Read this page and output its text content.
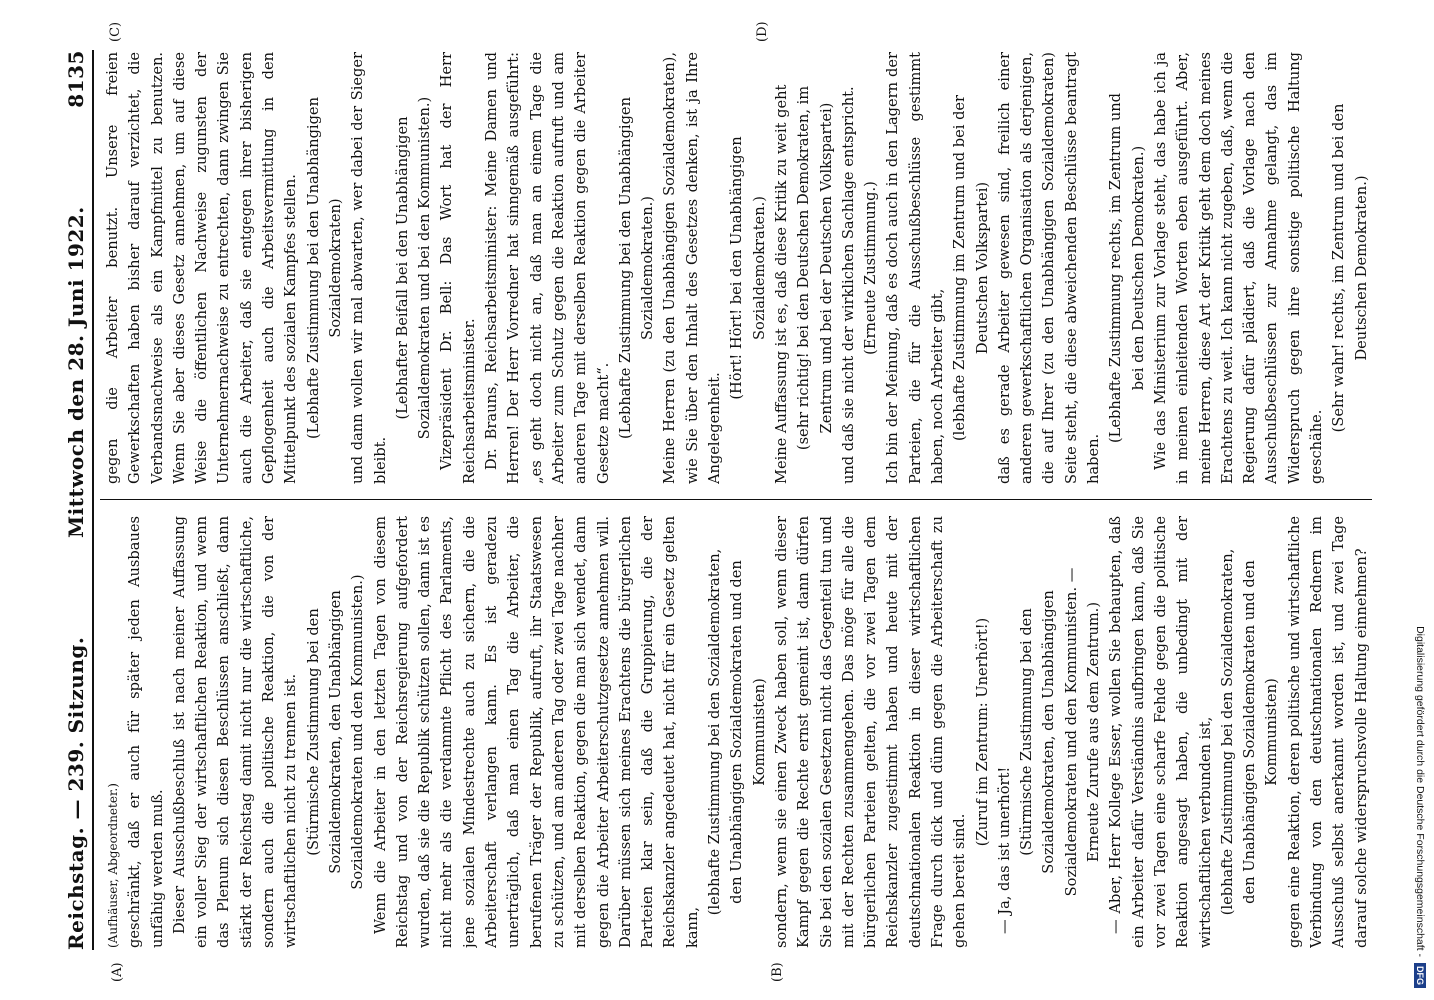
Reichstag. — 239. Sitzung.
Mittwoch den 28. Juni 1922.
8135
(A)	(B)
(C)	(D)

(Aufhäuser, Abgeordneter.) geschränkt, daß er auch für später jeden Ausbaues unfähig werden muß. Dieser Ausschußbeschluß ist nach meiner Auffassung ein voller Sieg der wirtschaftlichen Reaktion, und wenn das Plenum sich diesen Beschlüssen anschließt, dann stärkt der Reichstag damit nicht nur die wirtschaftliche, sondern auch die politische Reaktion, die von der wirtschaftlichen nicht zu trennen ist. (Stürmische Zustimmung bei den Sozialdemokraten, den Unabhängigen Sozialdemokraten und den Kommunisten.) Wenn die Arbeiter in den letzten Tagen von diesem Reichstag und von der Reichsregierung aufgefordert wurden, daß sie die Republik schützen sollen, dann ist es nicht mehr als die verdammte Pflicht des Parlaments, jene sozialen Mindestrechte auch zu sichern, die die Arbeiterschaft verlangen kann. Es ist geradezu unerträglich, daß man einen Tag die Arbeiter, die berufenen Träger der Republik, aufruft, ihr Staatswesen zu schützen, und am anderen Tag oder zwei Tage nachher mit derselben Reaktion, gegen die man sich wendet, dann gegen die Arbeiter Arbeiterschutzgesetze annehmen will. Darüber müssen sich meines Erachtens die bürgerlichen Parteien klar sein, daß die Gruppierung, die der Reichskanzler angedeutet hat, nicht für ein Gesetz gelten kann,

(lebhafte Zustimmung bei den Sozialdemokraten, den Unabhängigen Sozialdemokraten und den Kommunisten) sondern, wenn sie einen Zweck haben soll, wenn dieser Kampf gegen die Rechte ernst gemeint ist, dann dürfen Sie bei den sozialen Gesetzen nicht das Gegenteil tun und mit der Rechten zusammengehen. Das möge für alle die bürgerlichen Parteien gelten, die vor zwei Tagen dem Reichskanzler zugestimmt haben und heute mit der deutschnationalen Reaktion in dieser wirtschaftlichen Frage durch dick und dünn gegen die Arbeiterschaft zu gehen bereit sind.

(Zuruf im Zentrum: Unerhört!)

— Ja, das ist unerhört! (Stürmische Zustimmung bei den Sozialdemokraten, den Unabhängigen Sozialdemokraten und den Kommunisten. — Erneute Zurufe aus dem Zentrum.) — Aber, Herr Kollege Esser, wollen Sie behaupten, daß ein Arbeiter dafür Verständnis aufbringen kann, daß Sie vor zwei Tagen eine scharfe Fehde gegen die politische Reaktion angesagt haben, die unbedingt mit der wirtschaftlichen verbunden ist, (lebhafte Zustimmung bei den Sozialdemokraten, den Unabhängigen Sozialdemokraten und den Kommunisten) gegen eine Reaktion, deren politische und wirtschaftliche Verbindung von den deutschnationalen Rednern im Ausschuß selbst anerkannt worden ist, und zwei Tage darauf solche widerspruchsvolle Haltung einnehmen?

gegen die Arbeiter benutzt. Unsere freien Gewerkschaften haben bisher darauf verzichtet, die Verbandsnachweise als ein Kampfmittel zu benutzen. Wenn Sie aber dieses Gesetz annehmen, um auf diese Weise die öffentlichen Nachweise zugunsten der Unternehmernachweise zu entrechten, dann zwingen Sie auch die Arbeiter, daß sie entgegen ihrer bisherigen Gepflogenheit auch die Arbeitsvermittlung in den Mittelpunkt des sozialen Kampfes stellen. (Lebhafte Zustimmung bei den Unabhängigen Sozialdemokraten) und dann wollen wir mal abwarten, wer dabei der Sieger bleibt.

(Lebhafter Beifall bei den Unabhängigen Sozialdemokraten und bei den Kommunisten.) Vizepräsident Dr. Bell: Das Wort hat der Herr Reichsarbeitsminister. Dr. Brauns, Reichsarbeitsminister: Meine Damen und Herren! Der Herr Vorredner hat sinngemäß ausgeführt: „es geht doch nicht an, daß man an einem Tage die Arbeiter zum Schutz gegen die Reaktion aufruft und am anderen Tage mit derselben Reaktion gegen die Arbeiter Gesetze macht“. (Lebhafte Zustimmung bei den Unabhängigen Sozialdemokraten.) Meine Herren (zu den Unabhängigen Sozialdemokraten), wie Sie über den Inhalt des Gesetzes denken, ist ja Ihre Angelegenheit.

(Hört! Hört! bei den Unabhängigen Sozialdemokraten.) Meine Auffassung ist es, daß diese Kritik zu weit geht (sehr richtig! bei den Deutschen Demokraten, im Zentrum und bei der Deutschen Volkspartei) und daß sie nicht der wirklichen Sachlage entspricht. (Erneute Zustimmung.) Ich bin der Meinung, daß es doch auch in den Lagern der Parteien, die für die Ausschußbeschlüsse gestimmt haben, noch Arbeiter gibt, (lebhafte Zustimmung im Zentrum und bei der Deutschen Volkspartei) daß es gerade Arbeiter gewesen sind, freilich einer anderen gewerkschaftlichen Organisation als derjenigen, die auf Ihrer (zu den Unabhängigen Sozialdemokraten) Seite steht, die diese abweichenden Beschlüsse beantragt haben.

(Lebhafte Zustimmung rechts, im Zentrum und bei den Deutschen Demokraten.) Wie das Ministerium zur Vorlage steht, das habe ich ja in meinen einleitenden Worten eben ausgeführt. Aber, meine Herren, diese Art der Kritik geht dem doch meines Erachtens zu weit. Ich kann nicht zugeben, daß, wenn die Regierung dafür plädiert, daß die Vorlage nach den Ausschußbeschlüssen zur Annahme gelangt, das im Widerspruch gegen ihre sonstige politische Haltung geschähe.

(Sehr wahr! rechts, im Zentrum und bei den Deutschen Demokraten.)

Digitalisierung gefördert durch die Deutsche Forschungsgemeinschaft -
DFG
